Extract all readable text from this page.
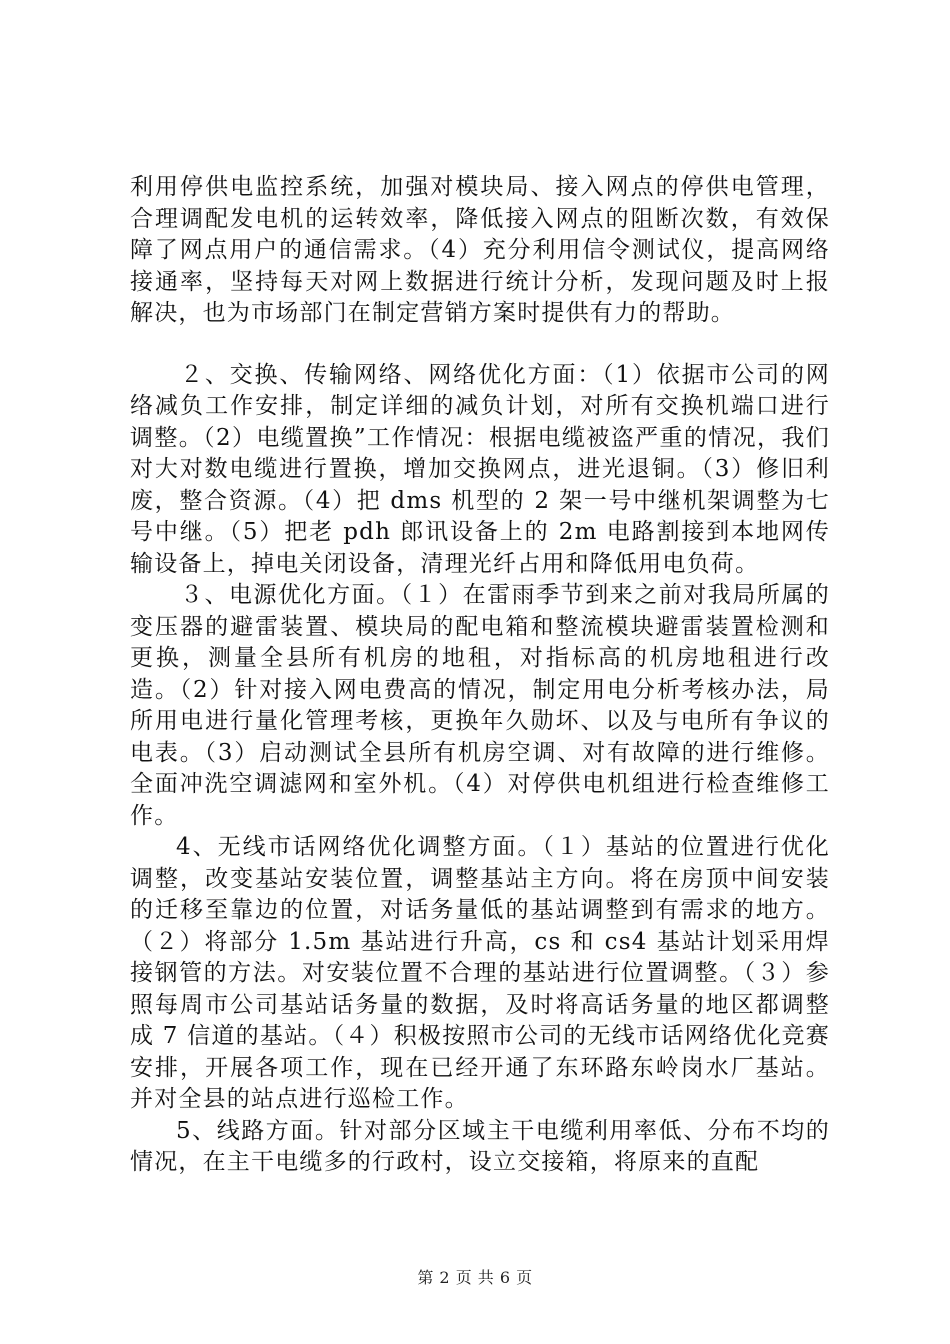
利用停供电监控系统，加强对模块局、接入网点的停供电管理，合理调配发电机的运转效率，降低接入网点的阻断次数，有效保障了网点用户的通信需求。（4）充分利用信令测试仪，提高网络接通率，坚持每天对网上数据进行统计分析，发现问题及时上报解决，也为市场部门在制定营销方案时提供有力的帮助。

２、交换、传输网络、网络优化方面：（1）依据市公司的网络减负工作安排，制定详细的减负计划，对所有交换机端口进行调整。（2）电缆置换”工作情况：根据电缆被盗严重的情况，我们对大对数电缆进行置换，增加交换网点，进光退铜。（3）修旧利废，整合资源。（4）把 dms 机型的 2 架一号中继机架调整为七号中继。（5）把老 pdh 郎讯设备上的 2m 电路割接到本地网传输设备上，掉电关闭设备，清理光纤占用和降低用电负荷。

３、电源优化方面。（１）在雷雨季节到来之前对我局所属的变压器的避雷装置、模块局的配电箱和整流模块避雷装置检测和更换，测量全县所有机房的地租，对指标高的机房地租进行改造。（2）针对接入网电费高的情况，制定用电分析考核办法，局所用电进行量化管理考核，更换年久勋坏、以及与电所有争议的电表。（3）启动测试全县所有机房空调、对有故障的进行维修。全面冲洗空调滤网和室外机。（4）对停供电机组进行检查维修工作。

4、无线市话网络优化调整方面。（１）基站的位置进行优化调整，改变基站安装位置，调整基站主方向。将在房顶中间安装的迁移至靠边的位置，对话务量低的基站调整到有需求的地方。（２）将部分 1.5m 基站进行升高，cs 和 cs4 基站计划采用焊接钢管的方法。对安装位置不合理的基站进行位置调整。（３）参照每周市公司基站话务量的数据，及时将高话务量的地区都调整成 7 信道的基站。（４）积极按照市公司的无线市话网络优化竞赛安排，开展各项工作，现在已经开通了东环路东岭岗水厂基站。并对全县的站点进行巡检工作。

5、线路方面。针对部分区域主干电缆利用率低、分布不均的情况，在主干电缆多的行政村，设立交接箱，将原来的直配

第 2 页 共 6 页
